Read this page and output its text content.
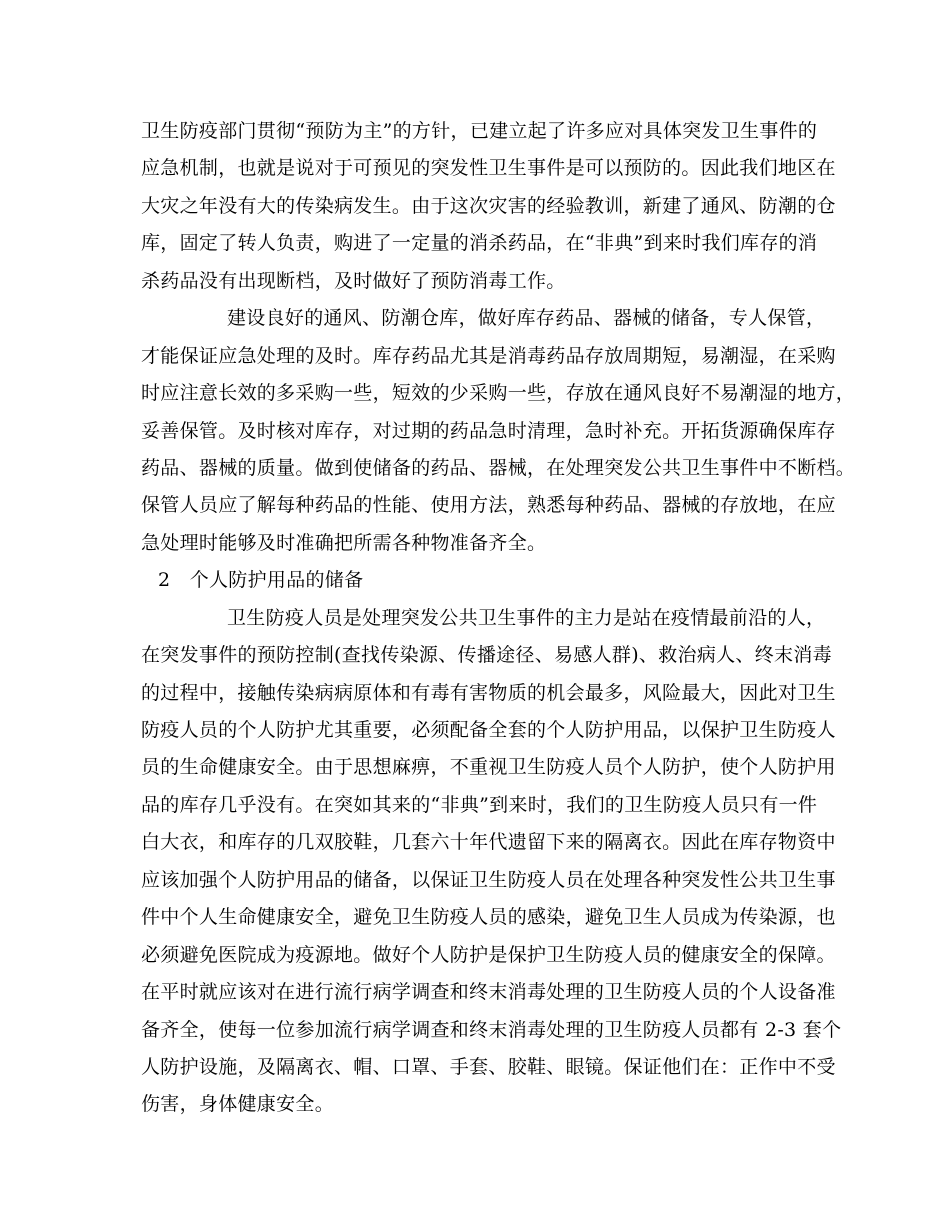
卫生防疫部门贯彻“预防为主”的方针，已建立起了许多应对具体突发卫生事件的
应急机制，也就是说对于可预见的突发性卫生事件是可以预防的。因此我们地区在
大灾之年没有大的传染病发生。由于这次灾害的经验教训，新建了通风、防潮的仓
库，固定了转人负责，购进了一定量的消杀药品，在“非典”到来时我们库存的消
杀药品没有出现断档，及时做好了预防消毒工作。
建设良好的通风、防潮仓库，做好库存药品、器械的储备，专人保管，
才能保证应急处理的及时。库存药品尤其是消毒药品存放周期短，易潮湿，在采购
时应注意长效的多采购一些，短效的少采购一些，存放在通风良好不易潮湿的地方，
妥善保管。及时核对库存，对过期的药品急时清理，急时补充。开拓货源确保库存
药品、器械的质量。做到使储备的药品、器械，在处理突发公共卫生事件中不断档。
保管人员应了解每种药品的性能、使用方法，熟悉每种药品、器械的存放地，在应
急处理时能够及时准确把所需各种物准备齐全。
2　个人防护用品的储备
卫生防疫人员是处理突发公共卫生事件的主力是站在疫情最前沿的人，
在突发事件的预防控制(查找传染源、传播途径、易感人群)、救治病人、终末消毒
的过程中，接触传染病病原体和有毒有害物质的机会最多，风险最大，因此对卫生
防疫人员的个人防护尤其重要，必须配备全套的个人防护用品，以保护卫生防疫人
员的生命健康安全。由于思想麻痹，不重视卫生防疫人员个人防护，使个人防护用
品的库存几乎没有。在突如其来的“非典”到来时，我们的卫生防疫人员只有一件
白大衣，和库存的几双胶鞋，几套六十年代遗留下来的隔离衣。因此在库存物资中
应该加强个人防护用品的储备，以保证卫生防疫人员在处理各种突发性公共卫生事
件中个人生命健康安全，避免卫生防疫人员的感染，避免卫生人员成为传染源，也
必须避免医院成为疫源地。做好个人防护是保护卫生防疫人员的健康安全的保障。
在平时就应该对在进行流行病学调查和终末消毒处理的卫生防疫人员的个人设备准
备齐全，使每一位参加流行病学调查和终末消毒处理的卫生防疫人员都有 2-3 套个
人防护设施，及隔离衣、帽、口罩、手套、胶鞋、眼镜。保证他们在：正作中不受
伤害，身体健康安全。
